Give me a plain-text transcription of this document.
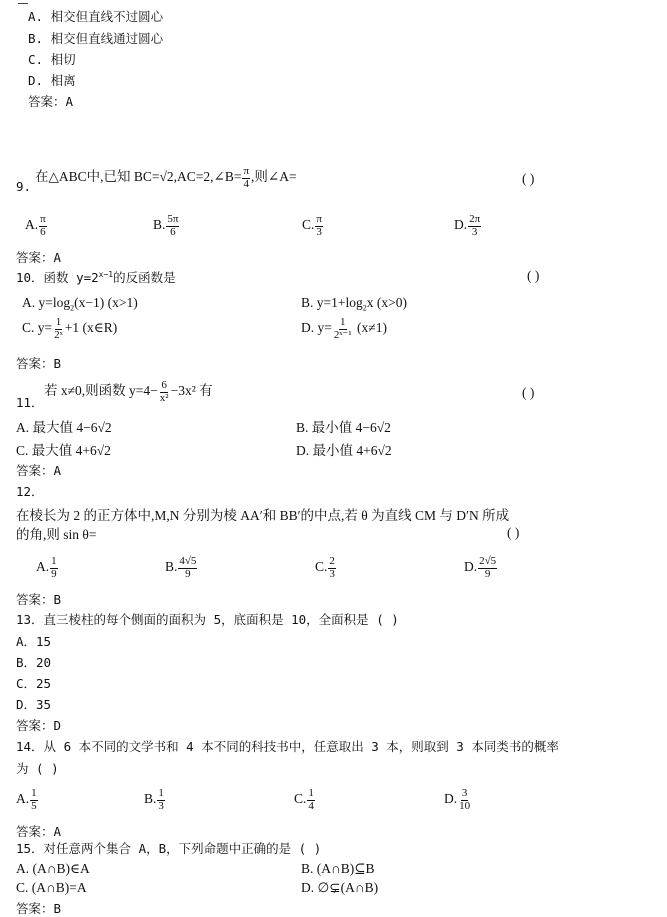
A. 相交但直线不过圆心
B. 相交但直线通过圆心
C. 相切
D. 相离
答案：A
9.
在△ABC中,已知 BC=√2,AC=2,∠B= $\frac{\pi}{4}$ ,则∠A=	( )
A. $\frac{\pi}{6}$	B. $\frac{5\pi}{6}$	C. $\frac{\pi}{3}$	D. $\frac{2\pi}{3}$
答案：A
10．函数 $y=2^{x-1}$的反函数是	( )
A. $y=\log_2(x-1)$ (x>1)	B. $y=1+\log_2x$ (x>0)
C. $y= \frac{1}{\text{2ˣ}} +1$ (x∈R)	D. $y= \frac{1}{\text{2ˣ⁻¹}} (x\ne 1)$
答案：B
11．
若 x≠0,则函数 $y=4- \frac{6}{\text{x²}} -3x^2$ 有	( )
A. 最大值 4−6√2	B. 最小值 4−6√2
C. 最大值 4+6√2	D. 最小值 4+6√2
答案：A
12．
在棱长为 2 的正方体中,M,N 分别为棱 AA′和 BB′的中点,若 θ 为直线 CM 与 D′N 所成
的角,则 sin θ=	( )
A. $\frac{1}{9}$	B. $\frac{4√5}{9}$	C. $\frac{2}{3}$	D. $\frac{2√5}{9}$
答案：B
13．直三棱柱的每个侧面的面积为 5，底面积是 10，全面积是 ( )
A．15
B．20
C．25
D．35
答案：D
14．从 6 本不同的文学书和 4 本不同的科技书中，任意取出 3 本，则取到 3 本同类书的概率
为 ( )
A. $\frac{1}{5}$	B. $\frac{1}{3}$	C. $\frac{1}{4}$	D. $\frac{3}{10}$
答案：A
15．对任意两个集合 A，B，下列命题中正确的是 ( )
A. (A∩B)∈A	B. (A∩B)⊆B
C. (A∩B)=A	D. ∅⊊(A∩B)
答案：B
